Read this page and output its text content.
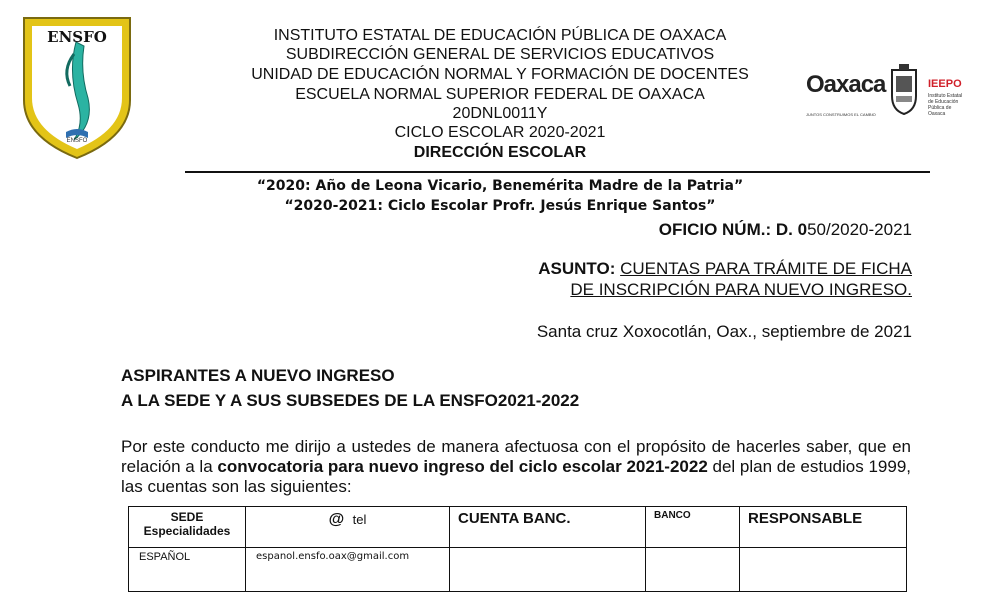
ENSFO
ENSFO
INSTITUTO ESTATAL DE EDUCACIÓN PÚBLICA DE OAXACA
SUBDIRECCIÓN GENERAL DE SERVICIOS EDUCATIVOS
UNIDAD DE EDUCACIÓN NORMAL Y FORMACIÓN DE DOCENTES
ESCUELA NORMAL SUPERIOR FEDERAL DE OAXACA
20DNL0011Y
CICLO ESCOLAR 2020-2021
DIRECCIÓN ESCOLAR
Oaxaca
JUNTOS CONSTRUIMOS EL CAMBIO
IEEPO
Instituto Estatal de Educación Pública de Oaxaca
“2020: Año de Leona Vicario, Benemérita Madre de la Patria”
“2020-2021: Ciclo Escolar Profr. Jesús Enrique Santos”
OFICIO NÚM.: D. 050/2020-2021
ASUNTO: CUENTAS PARA TRÁMITE DE FICHA
DE INSCRIPCIÓN PARA NUEVO INGRESO.
Santa cruz Xoxocotlán, Oax., septiembre de 2021
ASPIRANTES A NUEVO INGRESO
A LA SEDE Y A SUS SUBSEDES DE LA ENSFO2021-2022
Por este conducto me dirijo a ustedes de manera afectuosa con el propósito de hacerles saber, que en relación a la convocatoria para nuevo ingreso del ciclo escolar 2021-2022 del plan de estudios 1999, las cuentas son las siguientes:
SEDE
Especialidades	@ tel	CUENTA BANC.	BANCO	RESPONSABLE
ESPAÑOL	espanol.ensfo.oax@gmail.com			
